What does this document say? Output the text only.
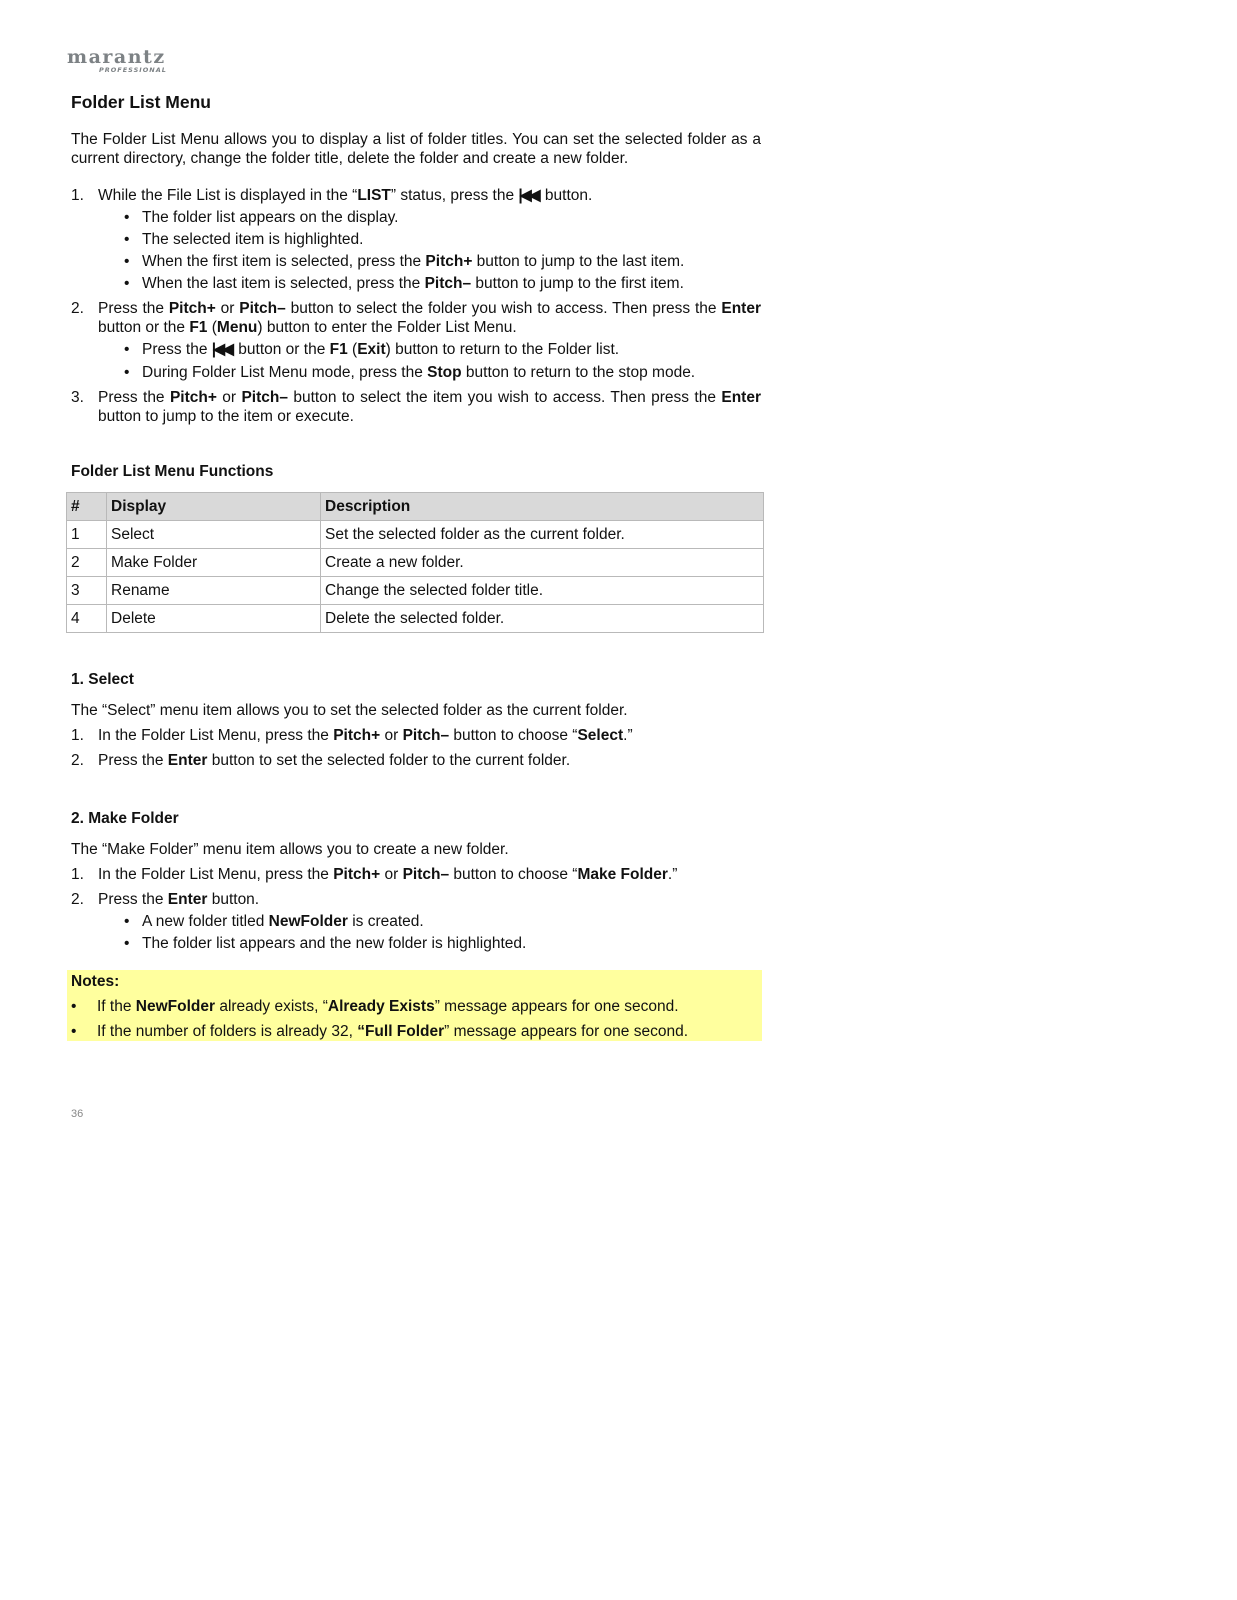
marantz
PROFESSIONAL
Folder List Menu

The Folder List Menu allows you to display a list of folder titles. You can set the selected folder as a current directory, change the folder title, delete the folder and create a new folder.

1. While the File List is displayed in the “LIST” status, press the |◀◀ button.
• The folder list appears on the display.
• The selected item is highlighted.
• When the first item is selected, press the Pitch+ button to jump to the last item.
• When the last item is selected, press the Pitch– button to jump to the first item.
2. Press the Pitch+ or Pitch– button to select the folder you wish to access. Then press the Enter button or the F1 (Menu) button to enter the Folder List Menu.
• Press the |◀◀ button or the F1 (Exit) button to return to the Folder list.
• During Folder List Menu mode, press the Stop button to return to the stop mode.
3. Press the Pitch+ or Pitch– button to select the item you wish to access. Then press the Enter button to jump to the item or execute.
Folder List Menu Functions
#	Display	Description
1	Select	Set the selected folder as the current folder.
2	Make Folder	Create a new folder.
3	Rename	Change the selected folder title.
4	Delete	Delete the selected folder.
1. Select

The “Select” menu item allows you to set the selected folder as the current folder.

1. In the Folder List Menu, press the Pitch+ or Pitch– button to choose “Select.”
2. Press the Enter button to set the selected folder to the current folder.
2. Make Folder

The “Make Folder” menu item allows you to create a new folder.

1. In the Folder List Menu, press the Pitch+ or Pitch– button to choose “Make Folder.”
2. Press the Enter button.
• A new folder titled NewFolder is created.
• The folder list appears and the new folder is highlighted.
Notes:
• If the NewFolder already exists, “Already Exists” message appears for one second.
• If the number of folders is already 32, “Full Folder” message appears for one second.
36
